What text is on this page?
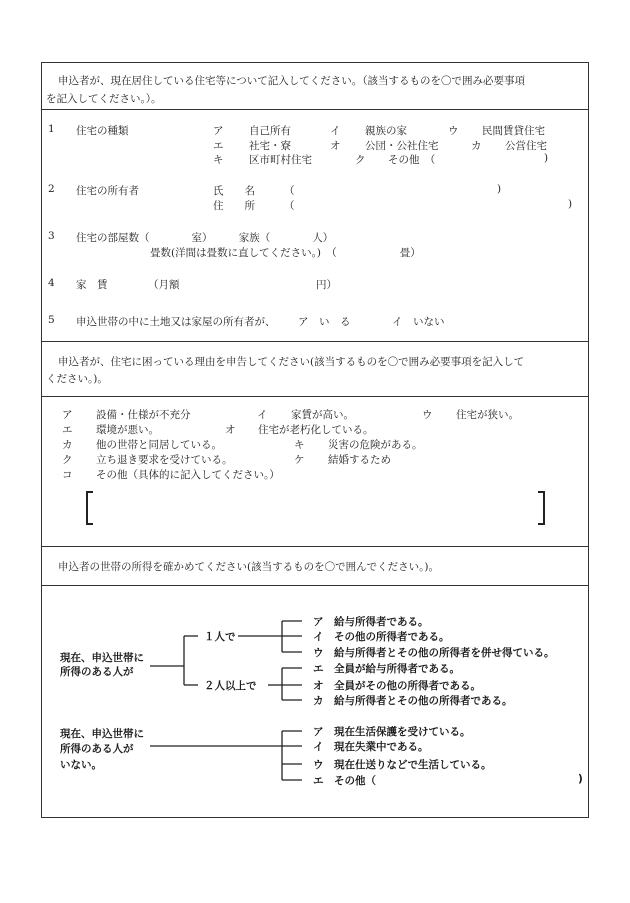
申込者が、現在居住している住宅等について記入してください。（該当するものを〇で囲み必要事項
を記入してください。）。
1 住宅の種類	ア 自己所有	イ 親族の家	ウ 民間賃貸住宅
エ 社宅・寮	オ 公団・公社住宅	カ 公営住宅
キ 区市町村住宅	ク その他　（	)
2 住宅の所有者	氏　　名	（	)
住　　所	（	)
3 住宅の部屋数（　　　　室）　　　家族（　　　　人）
畳数(洋間は畳数に直してください。)　（　　　　　　畳）
4 家　賃	（月額　　　　　　　　　　　　　円）
5 申込世帯の中に土地又は家屋の所有者が、 ア　い　る	イ　いない
申込者が、住宅に困っている理由を申告してください(該当するものを〇で囲み必要事項を記入して
ください。)。
ア 設備・仕様が不充分	イ 家賃が高い。	ウ 住宅が狭い。
エ 環境が悪い。	オ 住宅が老朽化している。
カ 他の世帯と同居している。	キ 災害の危険がある。
ク 立ち退き要求を受けている。	ケ 結婚するため
コ その他（具体的に記入してください。）
申込者の世帯の所得を確かめてください(該当するものを〇で囲んでください。)。
現在、申込世帯に
所得のある人が
１人で
２人以上で
ア　給与所得者である。
イ　その他の所得者である。
ウ　給与所得者とその他の所得者を併せ得ている。
エ　全員が給与所得者である。
オ　全員がその他の所得者である。
カ　給与所得者とその他の所得者である。
現在、申込世帯に
所得のある人が
いない。
ア　現在生活保護を受けている。
イ　現在失業中である。
ウ　現在仕送りなどで生活している。
エ　その他（	)
